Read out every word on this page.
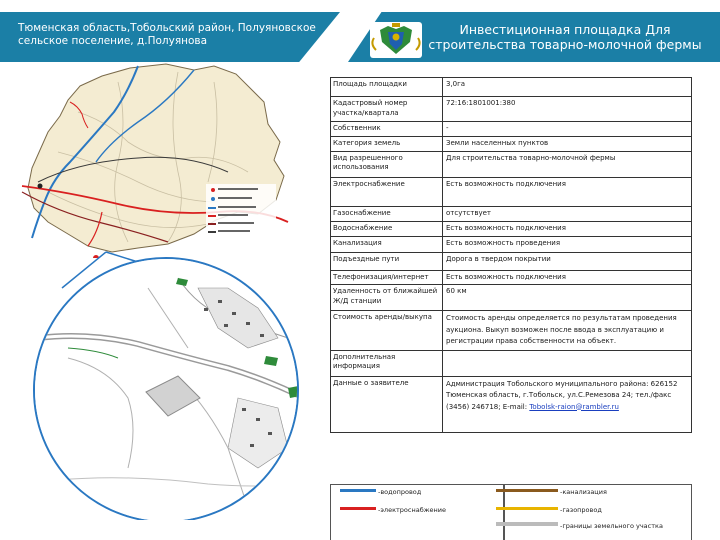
Тюменская область,Тобольский район, Полуяновское сельское поселение, д.Полуянова
Инвестиционная площадка Для строительства товарно-молочной фермы
Площадь площадки	3,0га
Кадастровый номер участка/квартала	72:16:1801001:380
Собственник	-
Категория земель	Земли населенных пунктов
Вид разрешенного использования	Для строительства товарно-молочной фермы
Электроснабжение	Есть возможность подключения
Газоснабжение	отсутствует
Водоснабжение	Есть возможность подключения
Канализация	Есть возможность проведения
Подъездные пути	Дорога в твердом покрытии
Телефонизация/интернет	Есть возможность подключения
Удаленность от ближайшей Ж/Д станции	60 км
Стоимость аренды/выкупа	Стоимость аренды определяется по результатам проведения аукциона. Выкуп возможен после ввода в эксплуатацию и регистрации права собственности на объект.
Дополнительная информация	
Данные о заявителе	Администрация Тобольского муниципального района: 626152 Тюменская область, г.Тобольск, ул.С.Ремезова 24; тел./факс (3456) 246718; E-mail: Tobolsk-raion@rambler.ru
-водопровод
-электроснабжение
-канализация
-газопровод
-границы земельного участка
